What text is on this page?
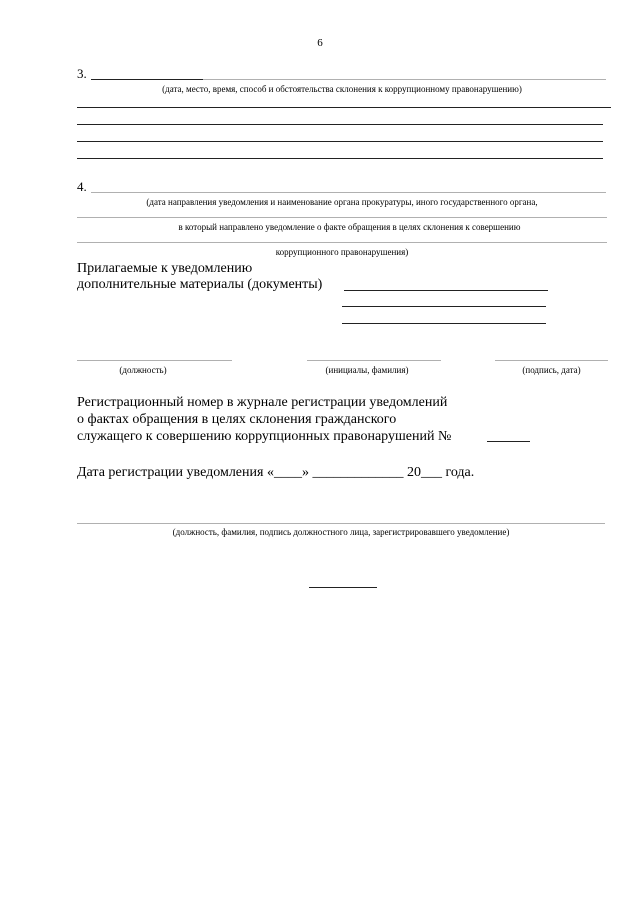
6
3.
(дата, место, время, способ и обстоятельства склонения к коррупционному правонарушению)
4.
(дата направления уведомления и наименование органа прокуратуры, иного государственного органа,
в который направлено уведомление о факте обращения в целях склонения к совершению
коррупционного правонарушения)
Прилагаемые к уведомлению
дополнительные материалы (документы)
(должность)	(инициалы, фамилия)	(подпись, дата)
Регистрационный номер в журнале регистрации уведомлений
о фактах обращения в целях склонения гражданского
служащего к совершению коррупционных правонарушений №
Дата регистрации уведомления «____» _____________ 20___ года.
(должность, фамилия, подпись должностного лица, зарегистрировавшего уведомление)
